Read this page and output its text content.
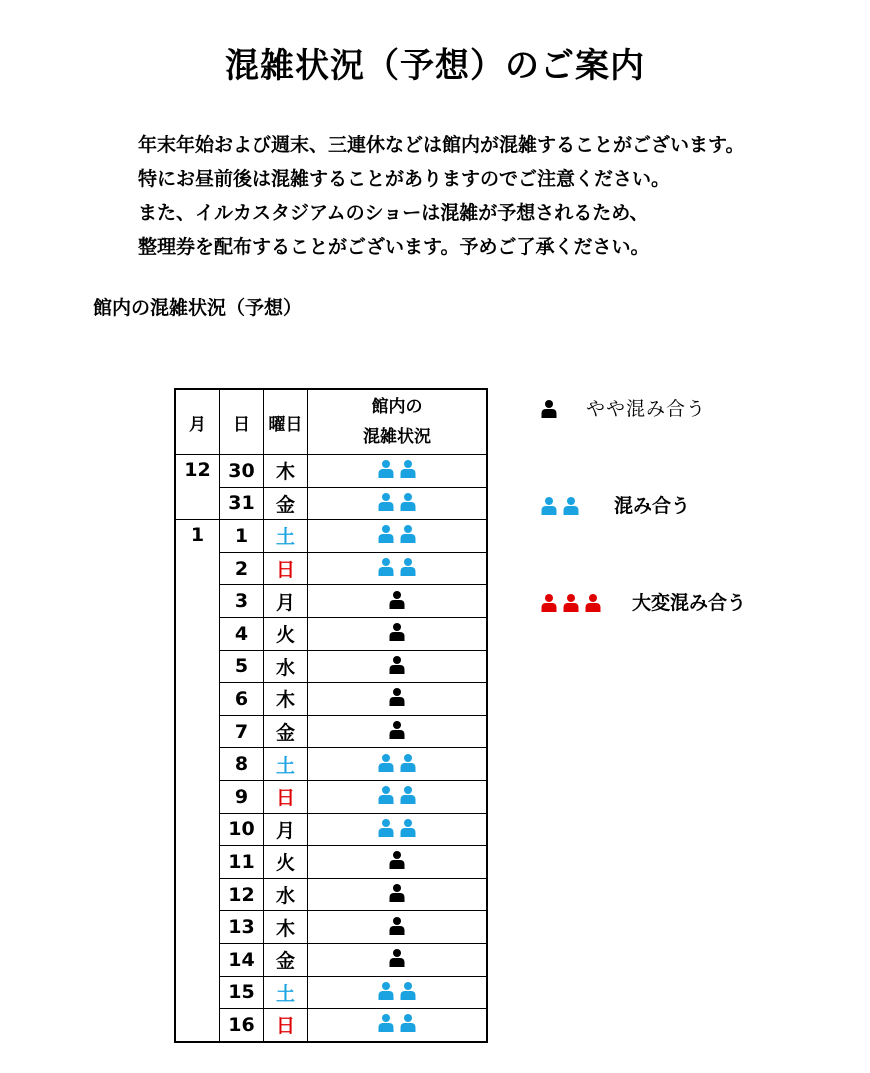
混雑状況（予想）のご案内
年末年始および週末、三連休などは館内が混雑することがございます。
特にお昼前後は混雑することがありますのでご注意ください。
また、イルカスタジアムのショーは混雑が予想されるため、
整理券を配布することがございます。予めご了承ください。
館内の混雑状況（予想）
月	日	曜日	館内の
混雑状況

12	30	木	

	31	金	

1	1	土	

	2	日	

	3	月	

	4	火	

	5	水	

	6	木	

	7	金	

	8	土	

	9	日	

	10	月	

	11	火	

	12	水	

	13	木	

	14	金	

	15	土	

	16	日	
やや混み合う
混み合う
大変混み合う
